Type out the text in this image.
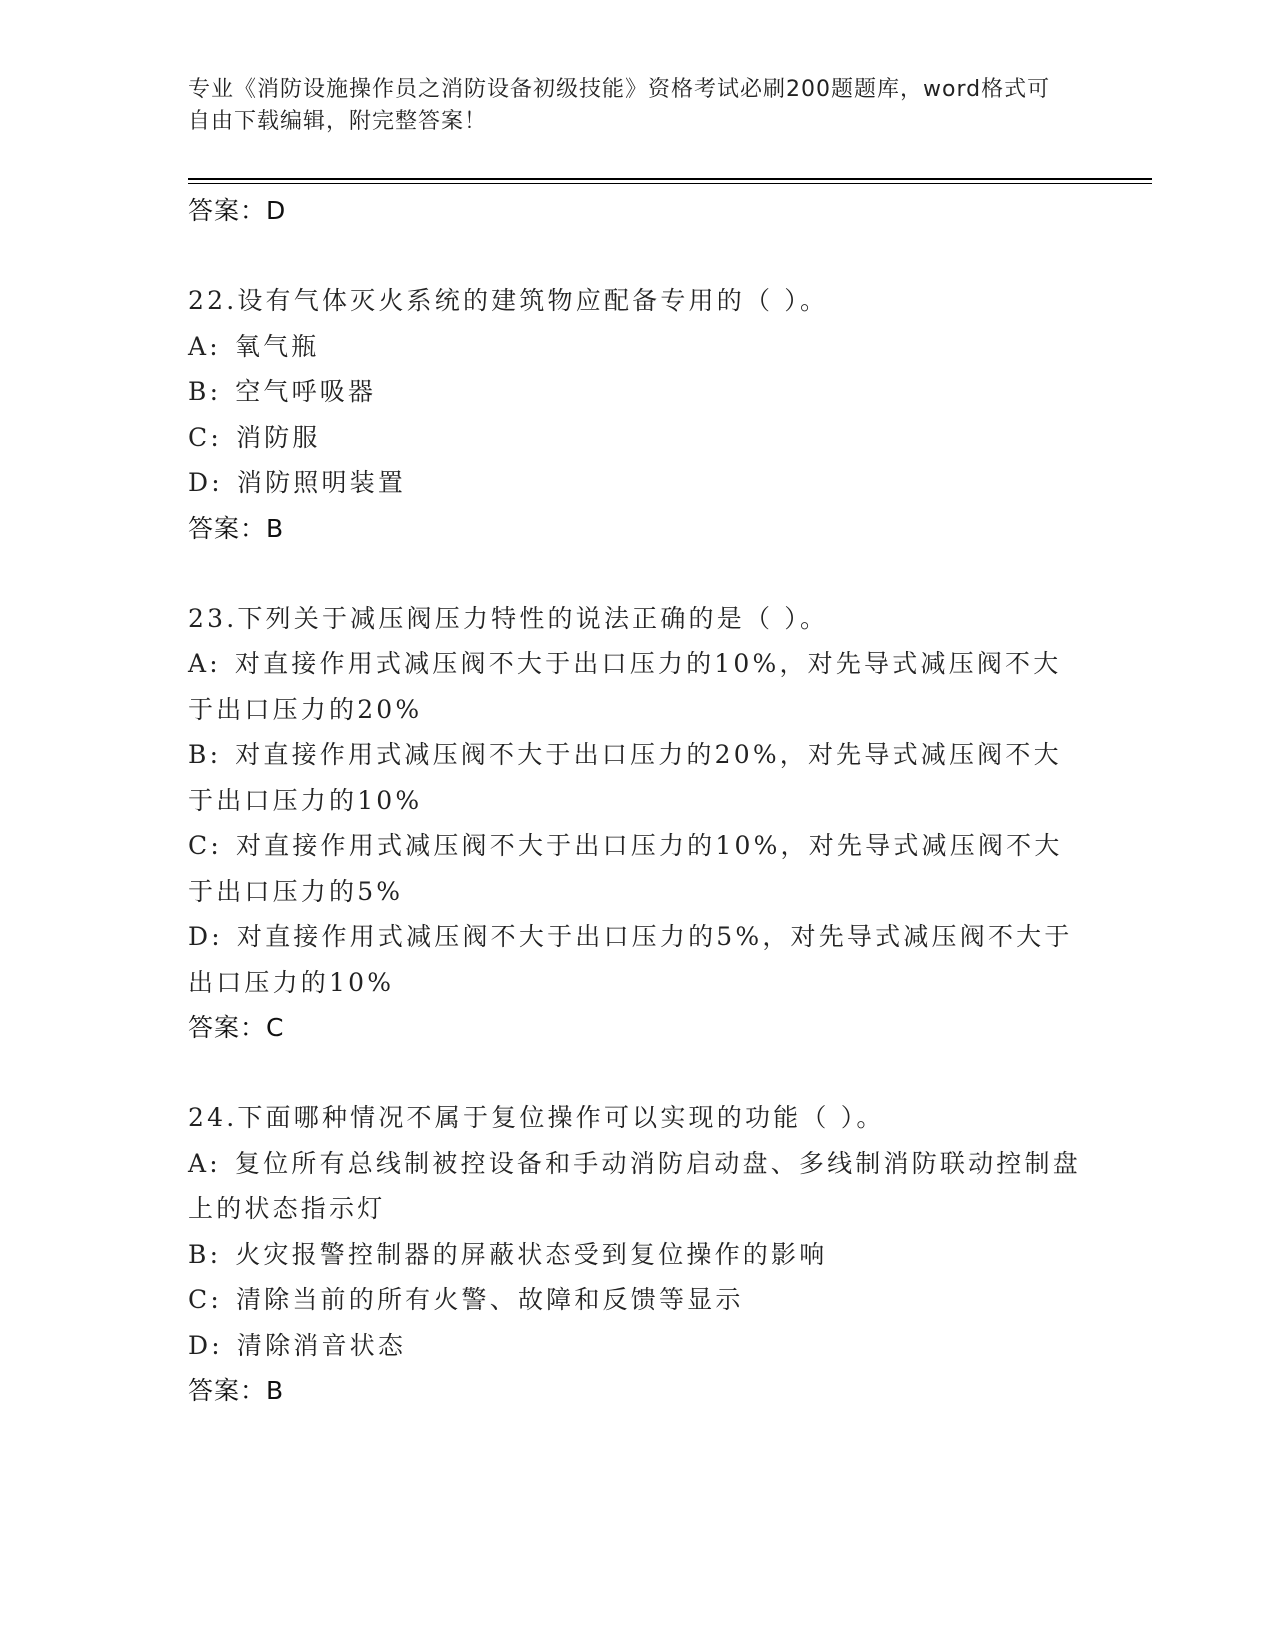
专业《消防设施操作员之消防设备初级技能》资格考试必刷200题题库，word格式可自由下载编辑，附完整答案！
答案：D
22.设有气体灭火系统的建筑物应配备专用的（ ）。
A: 氧气瓶
B: 空气呼吸器
C: 消防服
D: 消防照明装置
答案：B
23.下列关于减压阀压力特性的说法正确的是（ ）。
A: 对直接作用式减压阀不大于出口压力的10%，对先导式减压阀不大于出口压力的20%
B: 对直接作用式减压阀不大于出口压力的20%，对先导式减压阀不大于出口压力的10%
C: 对直接作用式减压阀不大于出口压力的10%，对先导式减压阀不大于出口压力的5%
D: 对直接作用式减压阀不大于出口压力的5%，对先导式减压阀不大于出口压力的10%
答案：C
24.下面哪种情况不属于复位操作可以实现的功能（ ）。
A: 复位所有总线制被控设备和手动消防启动盘、多线制消防联动控制盘上的状态指示灯
B: 火灾报警控制器的屏蔽状态受到复位操作的影响
C: 清除当前的所有火警、故障和反馈等显示
D: 清除消音状态
答案：B
